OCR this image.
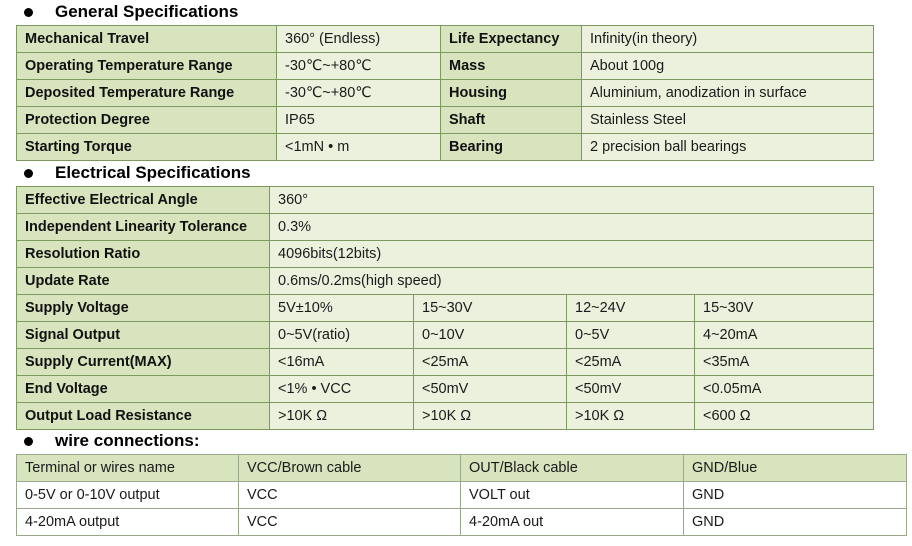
General Specifications
Mechanical Travel	360° (Endless)	Life Expectancy	Infinity(in theory)
Operating Temperature Range	-30℃~+80℃	Mass	About 100g
Deposited Temperature Range	-30℃~+80℃	Housing	Aluminium, anodization in surface
Protection Degree	IP65	Shaft	Stainless Steel
Starting Torque	<1mN • m	Bearing	2 precision ball bearings
Electrical Specifications
Effective Electrical Angle	360°			
Independent Linearity Tolerance	0.3%			
Resolution Ratio	4096bits(12bits)			
Update Rate	0.6ms/0.2ms(high speed)			
Supply Voltage	5V±10%	15~30V	12~24V	15~30V
Signal Output	0~5V(ratio)	0~10V	0~5V	4~20mA
Supply Current(MAX)	<16mA	<25mA	<25mA	<35mA
End Voltage	<1% • VCC	<50mV	<50mV	<0.05mA
Output Load Resistance	>10K Ω	>10K Ω	>10K Ω	<600 Ω
wire connections:
Terminal or wires name	VCC/Brown cable	OUT/Black cable	GND/Blue
0-5V or 0-10V output	VCC	VOLT out	GND
4-20mA output	VCC	4-20mA out	GND
